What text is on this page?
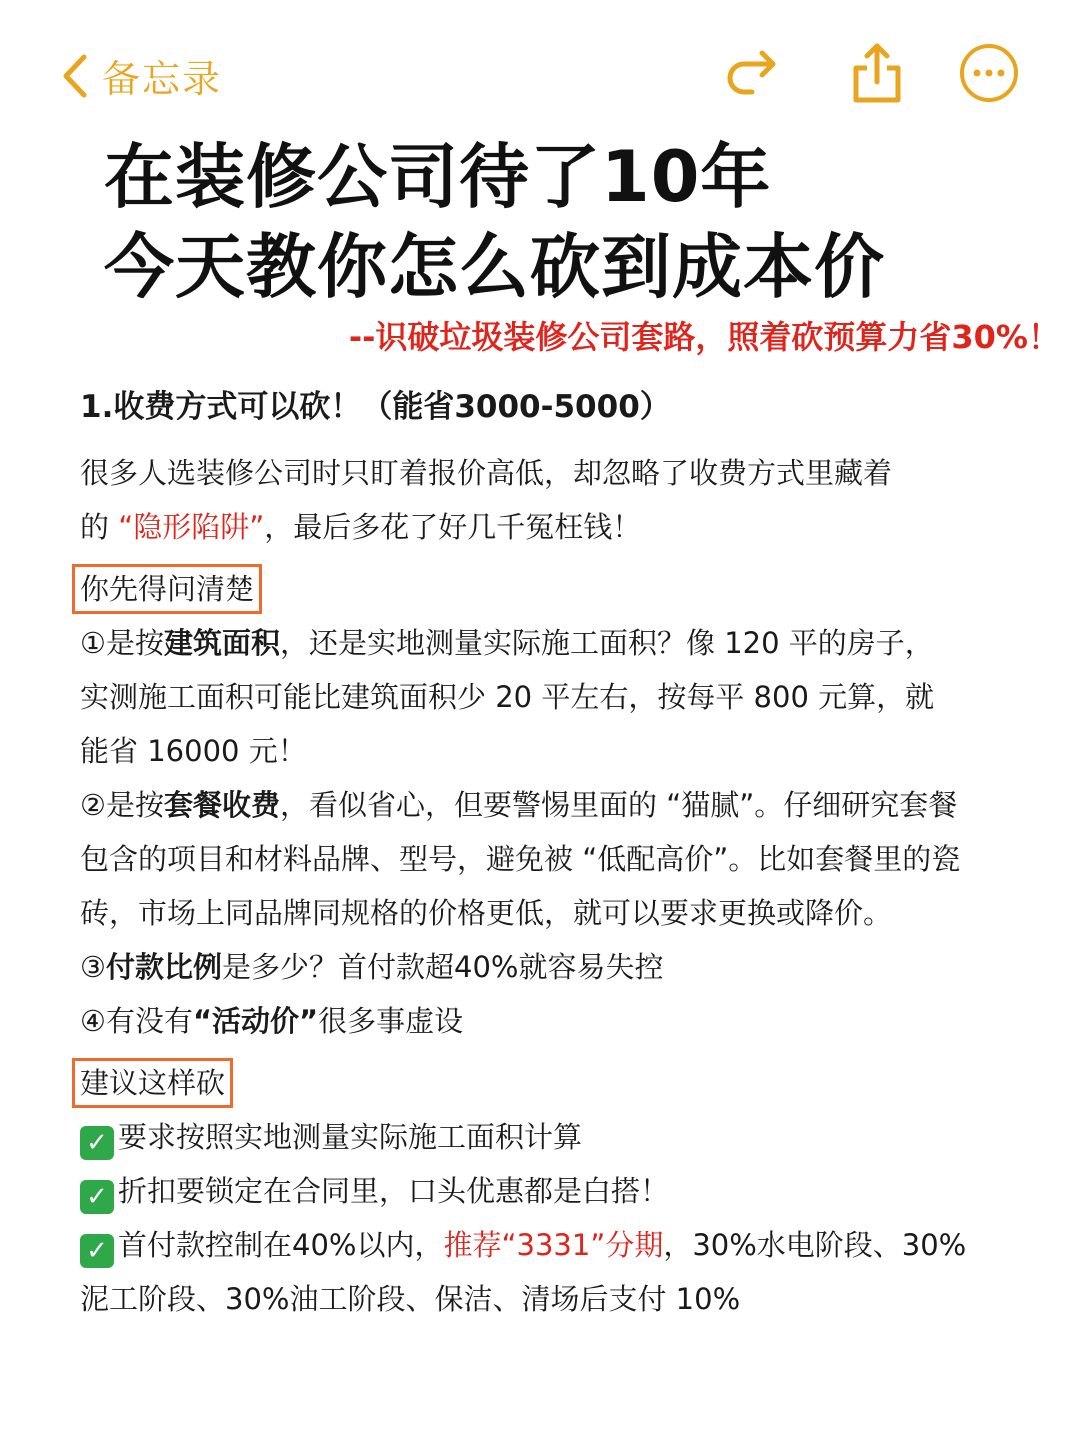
备忘录
在装修公司待了10年
今天教你怎么砍到成本价
--识破垃圾装修公司套路，照着砍预算力省30%！
1.收费方式可以砍！（能省3000-5000）

很多人选装修公司时只盯着报价高低，却忽略了收费方式里藏着
的 “隐形陷阱”，最后多花了好几千冤枉钱！

你先得问清楚

①是按建筑面积，还是实地测量实际施工面积？像 120 平的房子，
实测施工面积可能比建筑面积少 20 平左右，按每平 800 元算，就
能省 16000 元！

②是按套餐收费，看似省心，但要警惕里面的 “猫腻”。仔细研究套餐
包含的项目和材料品牌、型号，避免被 “低配高价”。比如套餐里的瓷
砖，市场上同品牌同规格的价格更低，就可以要求更换或降价。

③付款比例是多少？首付款超40%就容易失控

④有没有“活动价”很多事虚设

建议这样砍

✓ 要求按照实地测量实际施工面积计算

✓ 折扣要锁定在合同里，口头优惠都是白搭！

✓ 首付款控制在40%以内，推荐“3331”分期，30%水电阶段、30%
泥工阶段、30%油工阶段、保洁、清场后支付 10%
